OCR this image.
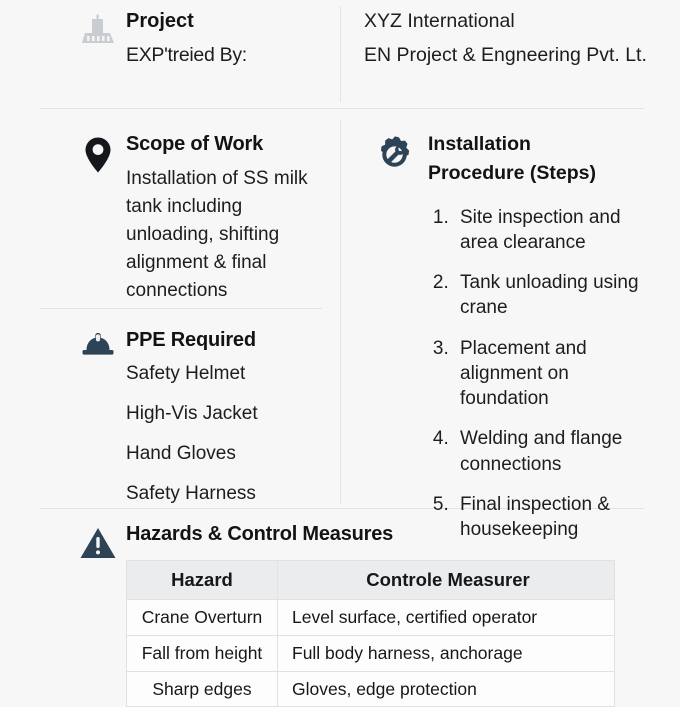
Project
EXP'treied By:
XYZ International
EN Project & Engneering Pvt. Lt.
Scope of Work

Installation of SS milk tank including unloading, shifting alignment & final connections

Installation
Procedure (Steps)
1. Site inspection and area clearance
2. Tank unloading using crane
3. Placement and alignment on foundation
4. Welding and flange connections
5. Final inspection & housekeeping
PPE Required
Safety Helmet
High-Vis Jacket
Hand Gloves
Safety Harness
Hazards & Control Measures
Hazard	Controle Measurer
Crane Overturn	Level surface, certified operator
Fall from height	Full body harness, anchorage
Sharp edges	Gloves, edge protection
